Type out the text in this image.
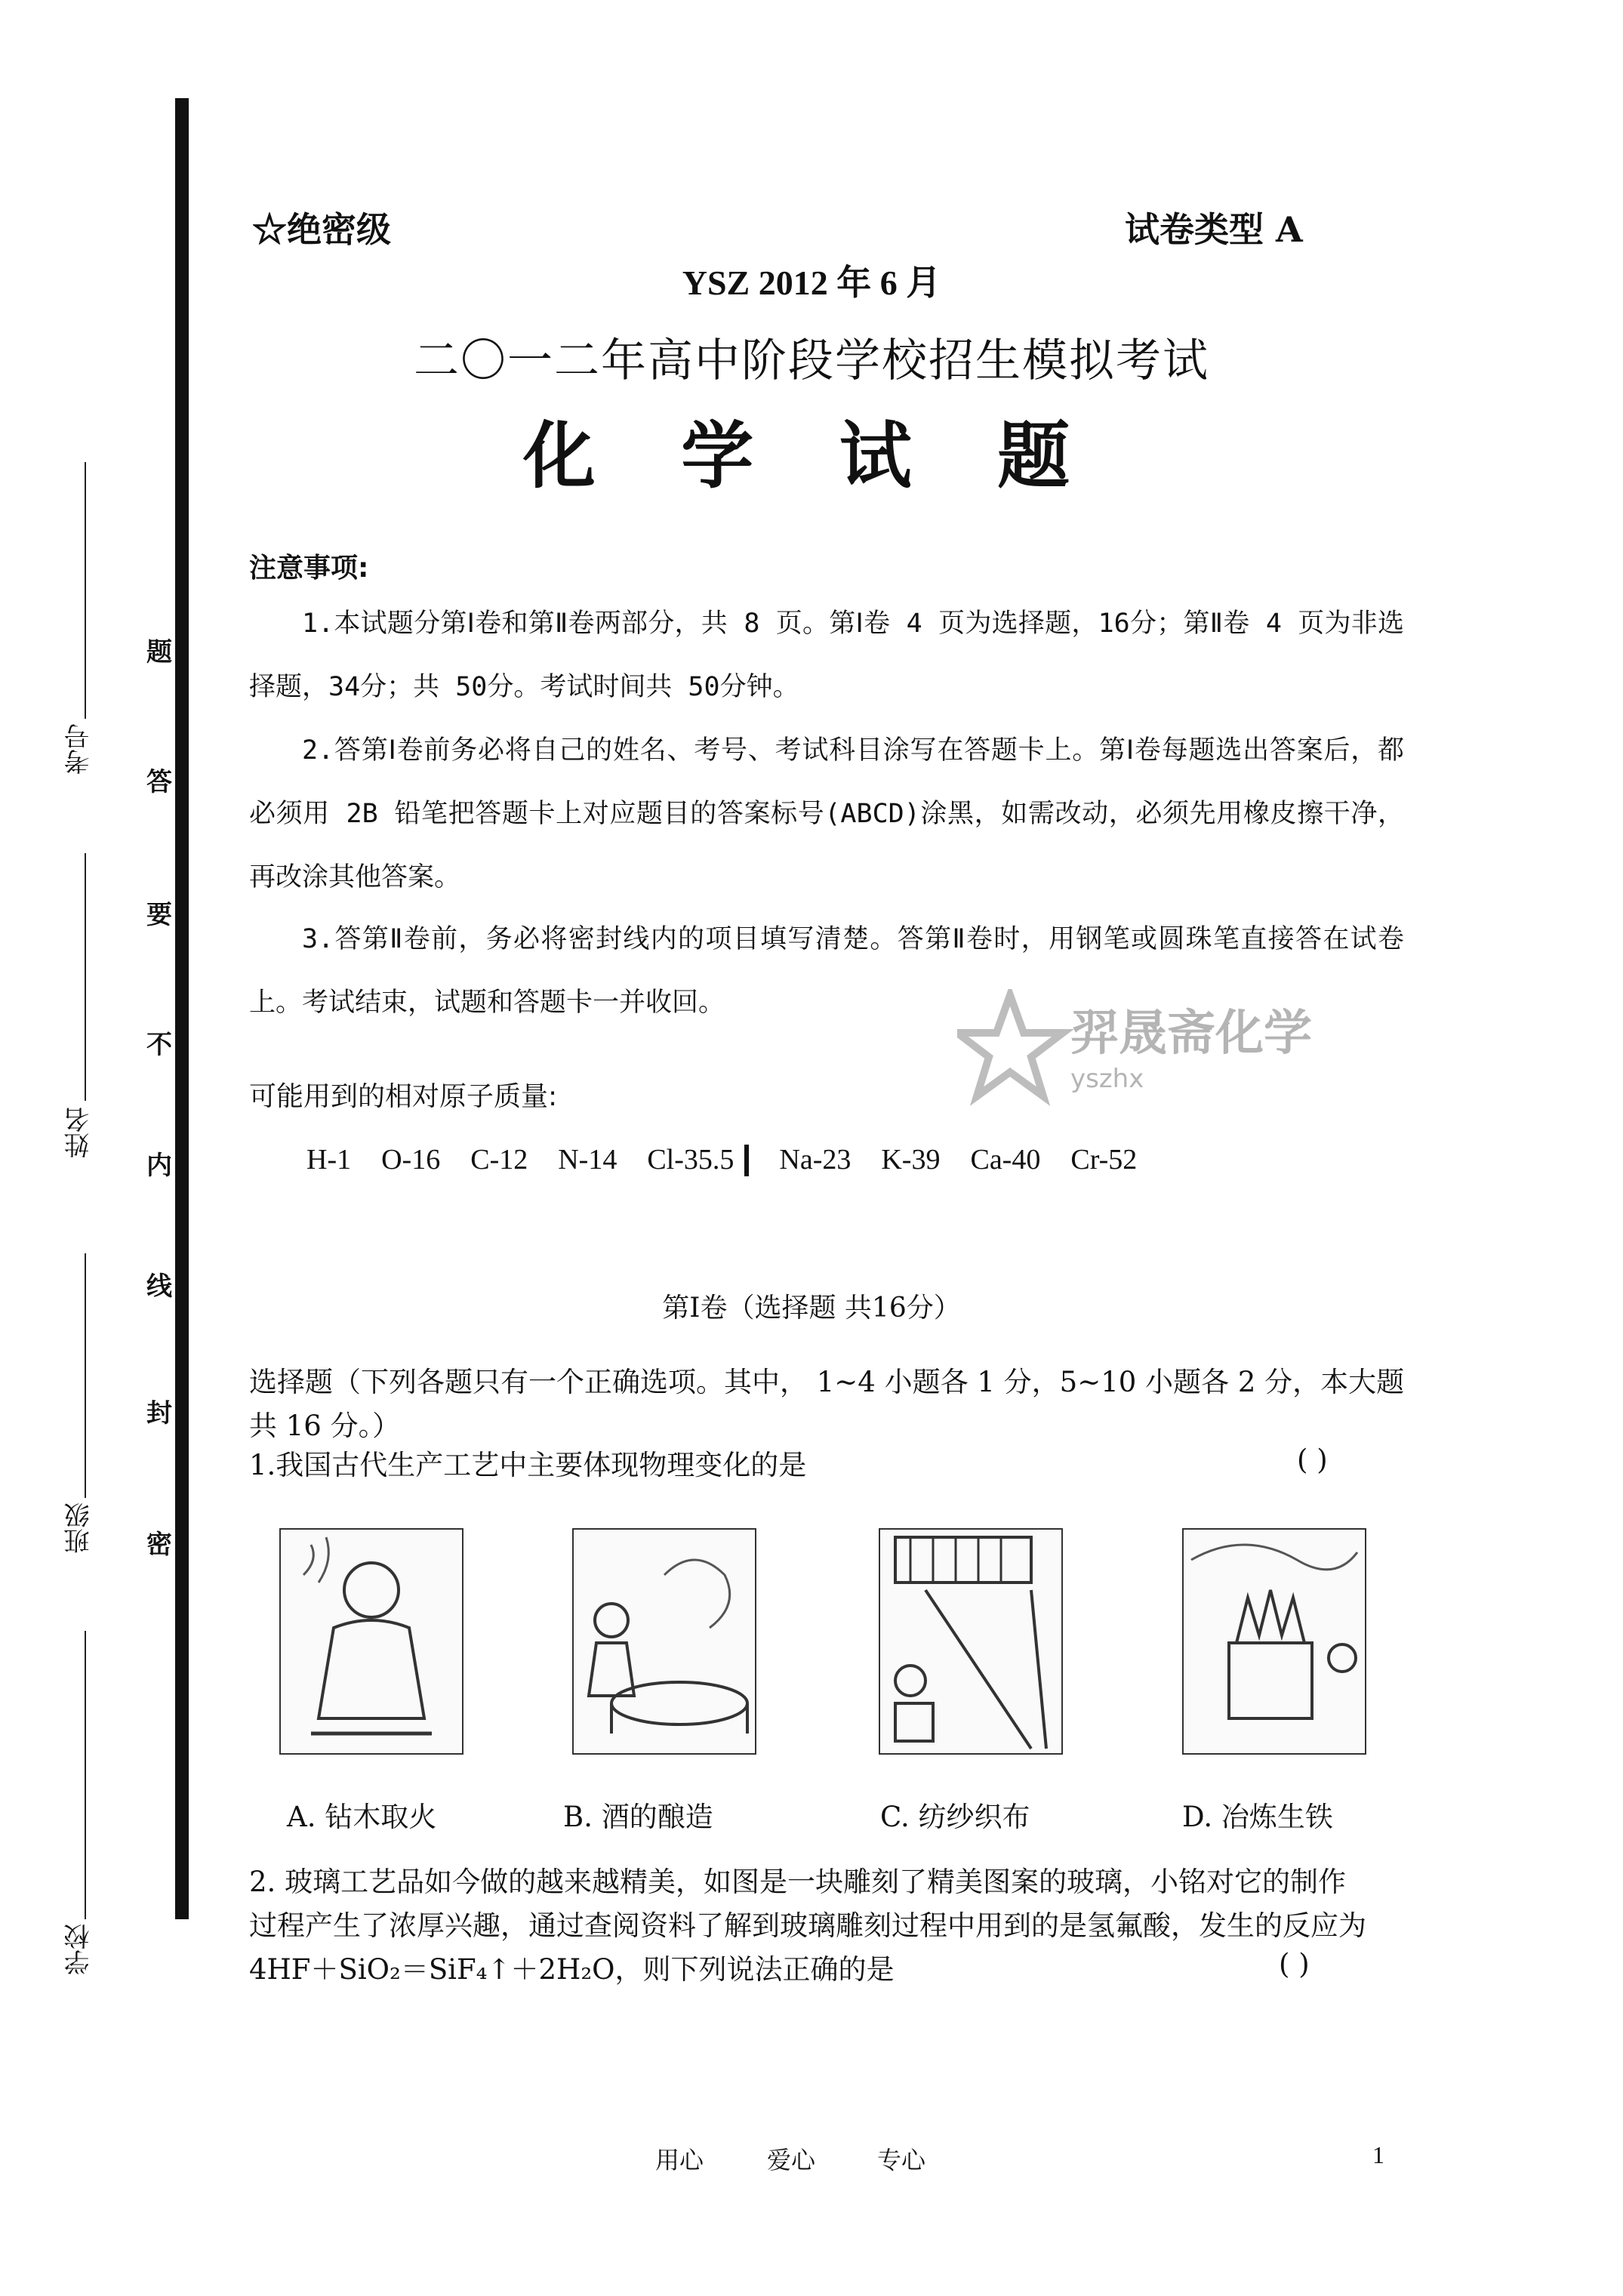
考号
姓名
班级
学校
题
答
要
不
内
线
封
密
☆绝密级	试卷类型 A
YSZ 2012 年 6 月
二〇一二年高中阶段学校招生模拟考试
化 学 试 题
注意事项:
1.本试题分第Ⅰ卷和第Ⅱ卷两部分，共 8 页。第Ⅰ卷 4 页为选择题，16分；第Ⅱ卷 4 页为非选择题，34分；共 50分。考试时间共 50分钟。
2.答第Ⅰ卷前务必将自己的姓名、考号、考试科目涂写在答题卡上。第Ⅰ卷每题选出答案后，都必须用 2B 铅笔把答题卡上对应题目的答案标号(ABCD)涂黑，如需改动，必须先用橡皮擦干净，再改涂其他答案。
3.答第Ⅱ卷前，务必将密封线内的项目填写清楚。答第Ⅱ卷时，用钢笔或圆珠笔直接答在试卷上。考试结束，试题和答题卡一并收回。
羿晟斋化学
yszhx
可能用到的相对原子质量:
H-1 O-16 C-12 N-14 Cl-35.5 Na-23 K-39 Ca-40 Cr-52
第Ⅰ卷（选择题 共16分）
选择题（下列各题只有一个正确选项。其中， 1~4 小题各 1 分，5~10 小题各 2 分，本大题共 16 分。）
1.我国古代生产工艺中主要体现物理变化的是	( )
A. 钻木取火	B. 酒的酿造	C. 纺纱织布	D. 冶炼生铁
2. 玻璃工艺品如今做的越来越精美，如图是一块雕刻了精美图案的玻璃，小铭对它的制作
过程产生了浓厚兴趣，通过查阅资料了解到玻璃雕刻过程中用到的是氢氟酸，发生的反应为
4HF＋SiO₂＝SiF₄↑＋2H₂O，则下列说法正确的是	( )
用心	爱心	专心	1
